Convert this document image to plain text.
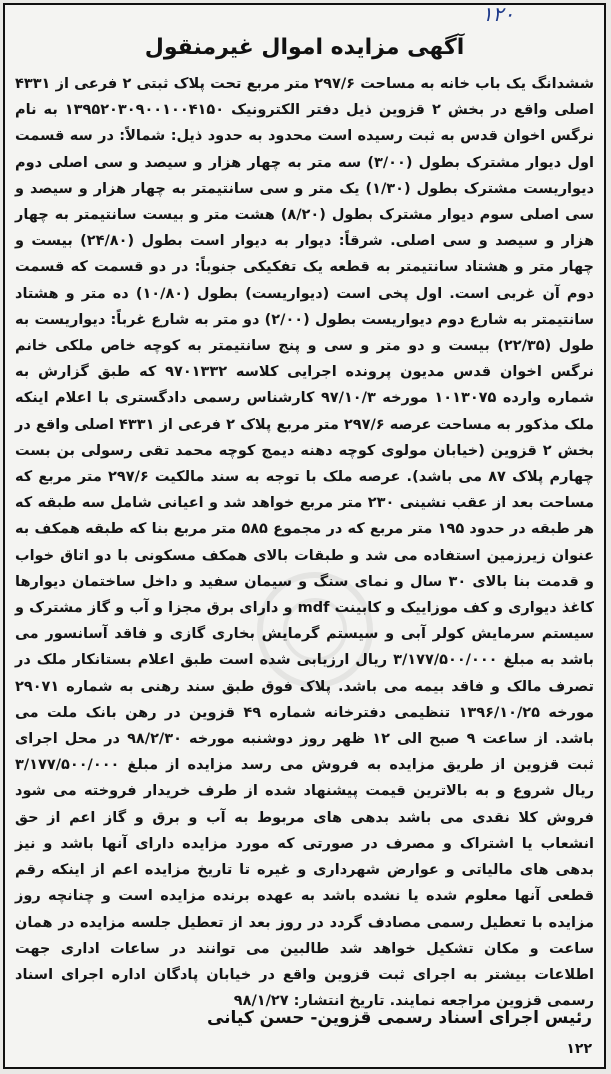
۱۲۰
آگهی مزایده اموال غیرمنقول
ششدانگ یک باب خانه به مساحت ۲۹۷/۶ متر مربع تحت پلاک ثبتی ۲ فرعی از ۴۳۳۱ اصلی واقع در بخش ۲ قزوین ذیل دفتر الکترونیک ۱۳۹۵۲۰۳۰۹۰۰۱۰۰۴۱۵۰ به نام نرگس اخوان قدس به ثبت رسیده است محدود به حدود ذیل: شمالاً: در سه قسمت اول دیوار مشترک بطول (۳/۰۰) سه متر به چهار هزار و سیصد و سی اصلی دوم دیواریست مشترک بطول (۱/۳۰) یک متر و سی سانتیمتر به چهار هزار و سیصد و سی اصلی سوم دیوار مشترک بطول (۸/۲۰) هشت متر و بیست سانتیمتر به چهار هزار و سیصد و سی اصلی. شرقاً: دیوار به دیوار است بطول (۲۴/۸۰) بیست و چهار متر و هشتاد سانتیمتر به قطعه یک تفکیکی جنوباً: در دو قسمت که قسمت دوم آن غربی است. اول پخی است (دیواریست) بطول (۱۰/۸۰) ده متر و هشتاد سانتیمتر به شارع دوم دیواریست بطول (۲/۰۰) دو متر به شارع غرباً: دیواریست به طول (۲۲/۳۵) بیست و دو متر و سی و پنج سانتیمتر به کوچه خاص ملکی خانم نرگس اخوان قدس مدیون پرونده اجرایی کلاسه ۹۷۰۱۳۳۲ که طبق گزارش به شماره وارده ۱۰۱۳۰۷۵ مورخه ۹۷/۱۰/۳ کارشناس رسمی دادگستری با اعلام اینکه ملک مذکور به مساحت عرصه ۲۹۷/۶ متر مربع پلاک ۲ فرعی از ۴۳۳۱ اصلی واقع در بخش ۲ قزوین (خیابان مولوی کوچه دهنه دیمج کوچه محمد تقی رسولی بن بست چهارم پلاک ۸۷ می باشد). عرصه ملک با توجه به سند مالکیت ۲۹۷/۶ متر مربع که مساحت بعد از عقب نشینی ۲۳۰ متر مربع خواهد شد و اعیانی شامل سه طبقه که هر طبقه در حدود ۱۹۵ متر مربع که در مجموع ۵۸۵ متر مربع بنا که طبقه همکف به عنوان زیرزمین استفاده می شد و طبقات بالای همکف مسکونی با دو اتاق خواب و قدمت بنا بالای ۳۰ سال و نمای سنگ و سیمان سفید و داخل ساختمان دیوارها کاغذ دیواری و کف موزاییک و کابینت mdf و دارای برق مجزا و آب و گاز مشترک و سیستم سرمایش کولر آبی و سیستم گرمایش بخاری گازی و فاقد آسانسور می باشد به مبلغ ۳/۱۷۷/۵۰۰/۰۰۰ ریال ارزیابی شده است طبق اعلام بستانکار ملک در تصرف مالک و فاقد بیمه می باشد. پلاک فوق طبق سند رهنی به شماره ۲۹۰۷۱ مورخه ۱۳۹۶/۱۰/۲۵ تنظیمی دفترخانه شماره ۴۹ قزوین در رهن بانک ملت می باشد. از ساعت ۹ صبح الی ۱۲ ظهر روز دوشنبه مورخه ۹۸/۲/۳۰ در محل اجرای ثبت قزوین از طریق مزایده به فروش می رسد مزایده از مبلغ ۳/۱۷۷/۵۰۰/۰۰۰ ریال شروع و به بالاترین قیمت پیشنهاد شده از طرف خریدار فروخته می شود فروش کلا نقدی می باشد بدهی های مربوط به آب و برق و گاز اعم از حق انشعاب یا اشتراک و مصرف در صورتی که مورد مزایده دارای آنها باشد و نیز بدهی های مالیاتی و عوارض شهرداری و غیره تا تاریخ مزایده اعم از اینکه رقم قطعی آنها معلوم شده یا نشده باشد به عهده برنده مزایده است و چنانچه روز مزایده با تعطیل رسمی مصادف گردد در روز بعد از تعطیل جلسه مزایده در همان ساعت و مکان تشکیل خواهد شد طالبین می توانند در ساعات اداری جهت اطلاعات بیشتر به اجرای ثبت قزوین واقع در خیابان پادگان اداره اجرای اسناد رسمی قزوین مراجعه نمایند. تاریخ انتشار: ۹۸/۱/۲۷
رئیس اجرای اسناد رسمی قزوین- حسن کیانی
۱۲۲
